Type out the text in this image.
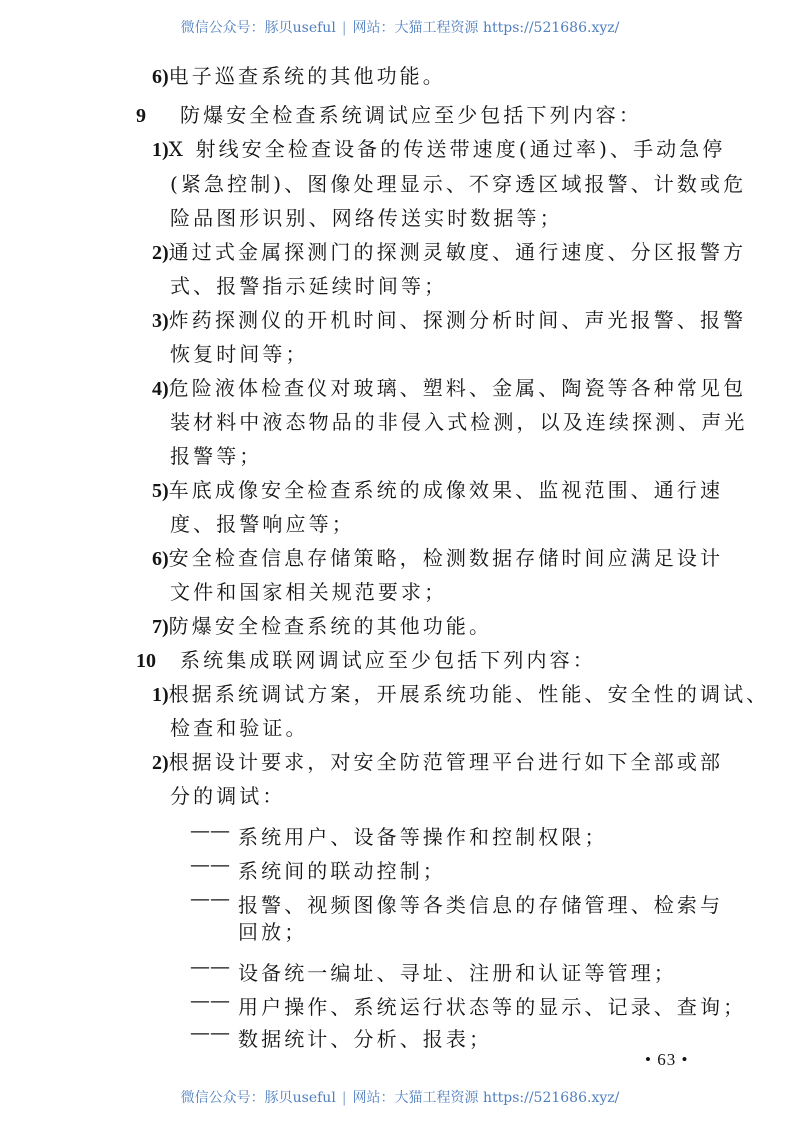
微信公众号：豚贝useful | 网站：大猫工程资源 https://521686.xyz/
6)电子巡查系统的其他功能。
9 防爆安全检查系统调试应至少包括下列内容：
1)X 射线安全检查设备的传送带速度(通过率)、手动急停
(紧急控制)、图像处理显示、不穿透区域报警、计数或危
险品图形识别、网络传送实时数据等；
2)通过式金属探测门的探测灵敏度、通行速度、分区报警方
式、报警指示延续时间等；
3)炸药探测仪的开机时间、探测分析时间、声光报警、报警
恢复时间等；
4)危险液体检查仪对玻璃、塑料、金属、陶瓷等各种常见包
装材料中液态物品的非侵入式检测，以及连续探测、声光
报警等；
5)车底成像安全检查系统的成像效果、监视范围、通行速
度、报警响应等；
6)安全检查信息存储策略，检测数据存储时间应满足设计
文件和国家相关规范要求；
7)防爆安全检查系统的其他功能。
10 系统集成联网调试应至少包括下列内容：
1)根据系统调试方案，开展系统功能、性能、安全性的调试、
检查和验证。
2)根据设计要求，对安全防范管理平台进行如下全部或部
分的调试：
—— 系统用户、设备等操作和控制权限；
—— 系统间的联动控制；
—— 报警、视频图像等各类信息的存储管理、检索与
回放；
—— 设备统一编址、寻址、注册和认证等管理；
—— 用户操作、系统运行状态等的显示、记录、查询；
—— 数据统计、分析、报表；
• 63 •
微信公众号：豚贝useful | 网站：大猫工程资源 https://521686.xyz/
